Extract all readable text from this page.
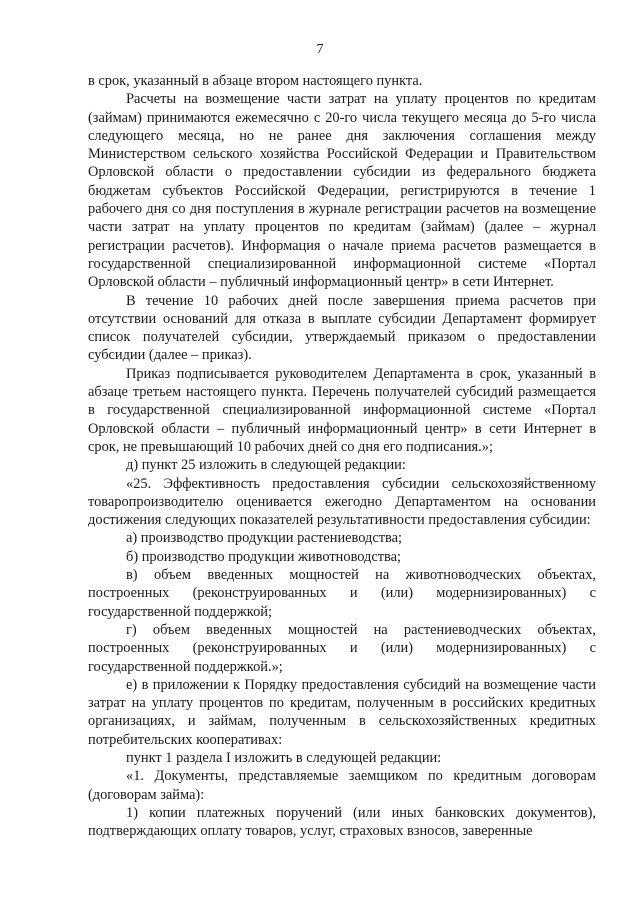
7

в срок, указанный в абзаце втором настоящего пункта.

Расчеты на возмещение части затрат на уплату процентов по кредитам (займам) принимаются ежемесячно с 20-го числа текущего месяца до 5-го числа следующего месяца, но не ранее дня заключения соглашения между Министерством сельского хозяйства Российской Федерации и Правительством Орловской области о предоставлении субсидии из федерального бюджета бюджетам субъектов Российской Федерации, регистрируются в течение 1 рабочего дня со дня поступления в журнале регистрации расчетов на возмещение части затрат на уплату процентов по кредитам (займам) (далее – журнал регистрации расчетов). Информация о начале приема расчетов размещается в государственной специализированной информационной системе «Портал Орловской области – публичный информационный центр» в сети Интернет.

В течение 10 рабочих дней после завершения приема расчетов при отсутствии оснований для отказа в выплате субсидии Департамент формирует список получателей субсидии, утверждаемый приказом о предоставлении субсидии (далее – приказ).

Приказ подписывается руководителем Департамента в срок, указанный в абзаце третьем настоящего пункта. Перечень получателей субсидий размещается в государственной специализированной информационной системе «Портал Орловской области – публичный информационный центр» в сети Интернет в срок, не превышающий 10 рабочих дней со дня его подписания.»;

д) пункт 25 изложить в следующей редакции:

«25. Эффективность предоставления субсидии сельскохозяйственному товаропроизводителю оценивается ежегодно Департаментом на основании достижения следующих показателей результативности предоставления субсидии:

а) производство продукции растениеводства;

б) производство продукции животноводства;

в) объем введенных мощностей на животноводческих объектах, построенных (реконструированных и (или) модернизированных) с государственной поддержкой;

г) объем введенных мощностей на растениеводческих объектах, построенных (реконструированных и (или) модернизированных) с государственной поддержкой.»;

е) в приложении к Порядку предоставления субсидий на возмещение части затрат на уплату процентов по кредитам, полученным в российских кредитных организациях, и займам, полученным в сельскохозяйственных кредитных потребительских кооперативах:

пункт 1 раздела I изложить в следующей редакции:

«1. Документы, представляемые заемщиком по кредитным договорам (договорам займа):

1) копии платежных поручений (или иных банковских документов), подтверждающих оплату товаров, услуг, страховых взносов, заверенные
